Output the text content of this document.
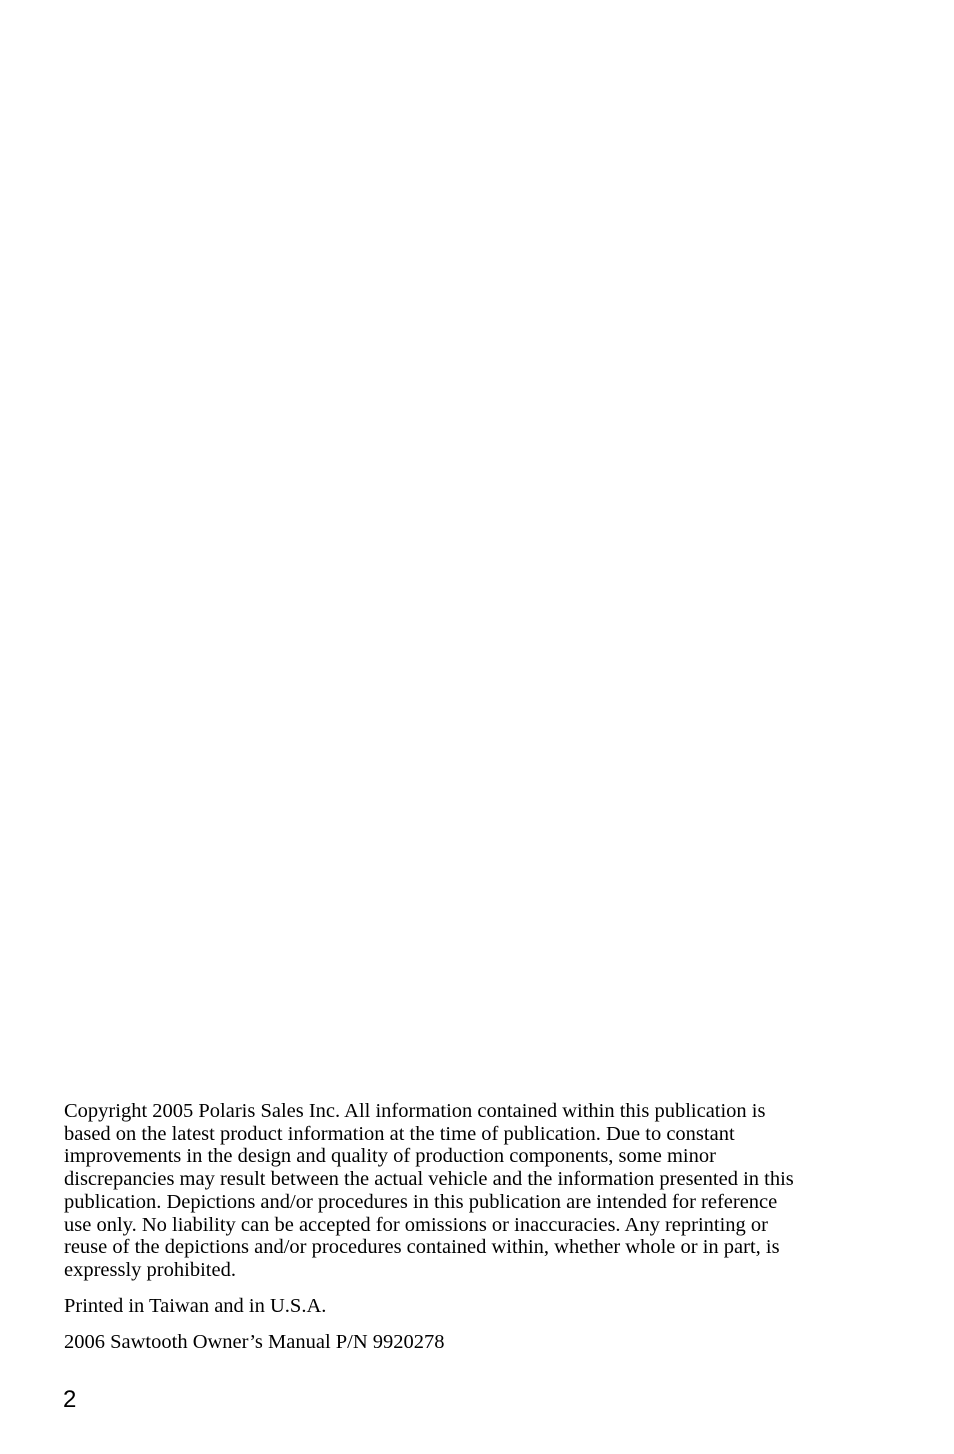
Copyright 2005 Polaris Sales Inc. All information contained within this publication is
based on the latest product information at the time of publication. Due to constant
improvements in the design and quality of production components, some minor
discrepancies may result between the actual vehicle and the information presented in this
publication. Depictions and/or procedures in this publication are intended for reference
use only. No liability can be accepted for omissions or inaccuracies. Any reprinting or
reuse of the depictions and/or procedures contained within, whether whole or in part, is
expressly prohibited.
Printed in Taiwan and in U.S.A.
2006 Sawtooth Owner’s Manual P/N 9920278
2
